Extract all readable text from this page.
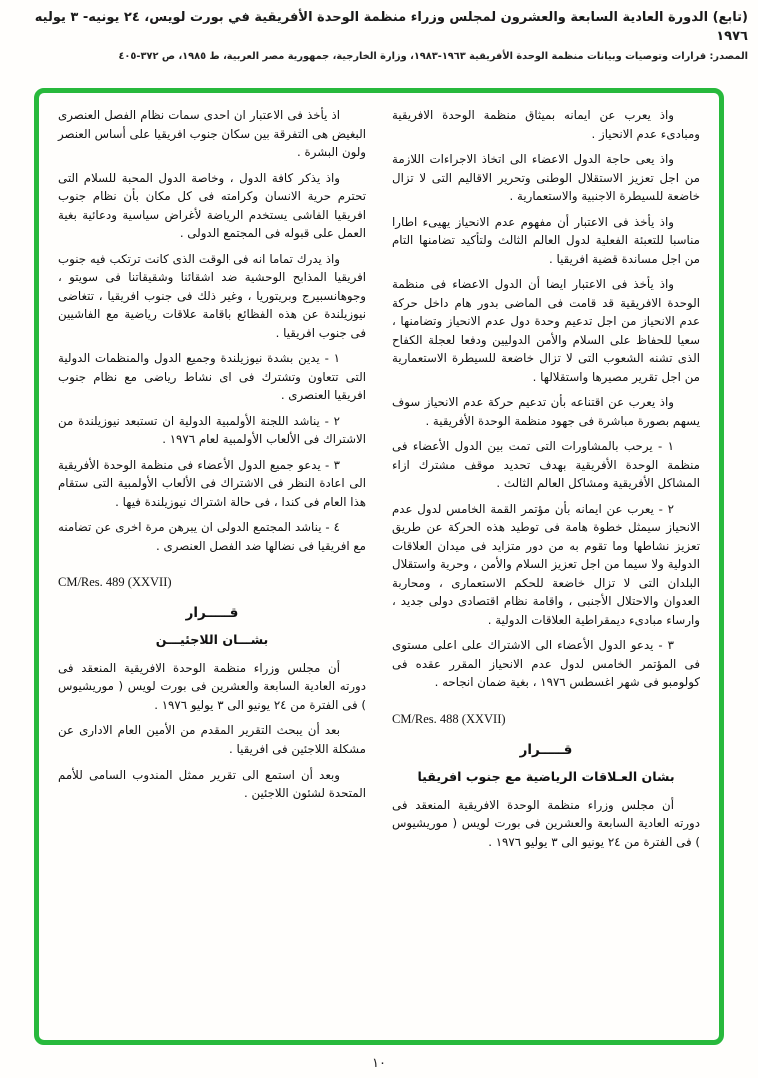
(تابع) الدورة العادية السابعة والعشرون لمجلس وزراء منظمة الوحدة الأفريقية في بورت لويس، ٢٤ يونيه- ٣ يوليه ١٩٧٦
المصدر: قرارات وتوصيات وبيانات منظمة الوحدة الأفريقية ١٩٦٣-١٩٨٣، وزارة الخارجية، جمهورية مصر العربية، ط ١٩٨٥، ص ٣٧٢-٤٠٥

واذ يعرب عن ايمانه بميثاق منظمة الوحدة الافريقية ومبادىء عدم الانحياز .

واذ يعى حاجة الدول الاعضاء الى اتخاذ الاجراءات اللازمة من اجل تعزيز الاستقلال الوطنى وتحرير الاقاليم التى لا تزال خاضعة للسيطرة الاجنبية والاستعمارية .

واذ يأخذ فى الاعتبار أن مفهوم عدم الانحياز يهيىء اطارا مناسبا للتعبئة الفعلية لدول العالم الثالث ولتأكيد تضامنها التام من اجل مساندة قضية افريقيا .

واذ يأخذ فى الاعتبار ايضا أن الدول الاعضاء فى منظمة الوحدة الافريقية قد قامت فى الماضى بدور هام داخل حركة عدم الانحياز من اجل تدعيم وحدة دول عدم الانحياز وتضامنها ، سعيا للحفاظ على السلام والأمن الدوليين ودفعا لعجلة الكفاح الذى تشنه الشعوب التى لا تزال خاضعة للسيطرة الاستعمارية من اجل تقرير مصيرها واستقلالها .

واذ يعرب عن اقتناعه بأن تدعيم حركة عدم الانحياز سوف يسهم بصورة مباشرة فى جهود منظمة الوحدة الأفريقية .

١ - يرحب بالمشاورات التى تمت بين الدول الأعضاء فى منظمة الوحدة الأفريقية بهدف تحديد موقف مشترك ازاء المشاكل الأفريقية ومشاكل العالم الثالث .

٢ - يعرب عن ايمانه بأن مؤتمر القمة الخامس لدول عدم الانحياز سيمثل خطوة هامة فى توطيد هذه الحركة عن طريق تعزيز نشاطها وما تقوم به من دور متزايد فى ميدان العلاقات الدولية ولا سيما من اجل تعزيز السلام والأمن ، وحرية واستقلال البلدان التى لا تزال خاضعة للحكم الاستعمارى ، ومحاربة العدوان والاحتلال الأجنبى ، واقامة نظام اقتصادى دولى جديد ، وارساء مبادىء ديمقراطية العلاقات الدولية .

٣ - يدعو الدول الأعضاء الى الاشتراك على اعلى مستوى فى المؤتمر الخامس لدول عدم الانحياز المقرر عقده فى كولومبو فى شهر اغسطس ١٩٧٦ ، بغية ضمان انجاحه .

CM/Res. 488 (XXVII)
قـــــرار
بشان العـلاقات الرياضية مع جنوب افريقيا

أن مجلس وزراء منظمة الوحدة الافريقية المنعقد فى دورته العادية السابعة والعشرين فى بورت لويس ( موريشيوس ) فى الفترة من ٢٤ يونيو الى ٣ يوليو ١٩٧٦ .

اذ يأخذ فى الاعتبار ان احدى سمات نظام الفصل العنصرى البغيض هى التفرقة بين سكان جنوب افريقيا على أساس العنصر ولون البشرة .

واذ يذكر كافة الدول ، وخاصة الدول المحبة للسلام التى تحترم حرية الانسان وكرامته فى كل مكان بأن نظام جنوب افريقيا الفاشى يستخدم الرياضة لأغراض سياسية ودعائية بغية العمل على قبوله فى المجتمع الدولى .

واذ يدرك تماما انه فى الوقت الذى كانت ترتكب فيه جنوب افريقيا المذابح الوحشية ضد اشقائنا وشقيقاتنا فى سويتو ، وجوهانسبيرج وبريتوريا ، وغير ذلك فى جنوب افريقيا ، تتغاضى نيوزيلندة عن هذه الفظائع باقامة علاقات رياضية مع الفاشيين فى جنوب افريقيا .

١ - يدين بشدة نيوزيلندة وجميع الدول والمنظمات الدولية التى تتعاون وتشترك فى اى نشاط رياضى مع نظام جنوب افريقيا العنصرى .

٢ - يناشد اللجنة الأولمبية الدولية ان تستبعد نيوزيلندة من الاشتراك فى الألعاب الأولمبية لعام ١٩٧٦ .

٣ - يدعو جميع الدول الأعضاء فى منظمة الوحدة الأفريقية الى اعادة النظر فى الاشتراك فى الألعاب الأولمبية التى ستقام هذا العام فى كندا ، فى حالة اشتراك نيوزيلندة فيها .

٤ - يناشد المجتمع الدولى ان يبرهن مرة اخرى عن تضامنه مع افريقيا فى نضالها ضد الفصل العنصرى .

CM/Res. 489 (XXVII)
قـــــرار
بشـــان اللاجئيـــن

أن مجلس وزراء منظمة الوحدة الافريقية المنعقد فى دورته العادية السابعة والعشرين فى بورت لويس ( موريشيوس ) فى الفترة من ٢٤ يونيو الى ٣ يوليو ١٩٧٦ .

بعد أن يبحث التقرير المقدم من الأمين العام الادارى عن مشكلة اللاجئين فى افريقيا .

وبعد أن استمع الى تقرير ممثل المندوب السامى للأمم المتحدة لشئون اللاجئين .

١٠
